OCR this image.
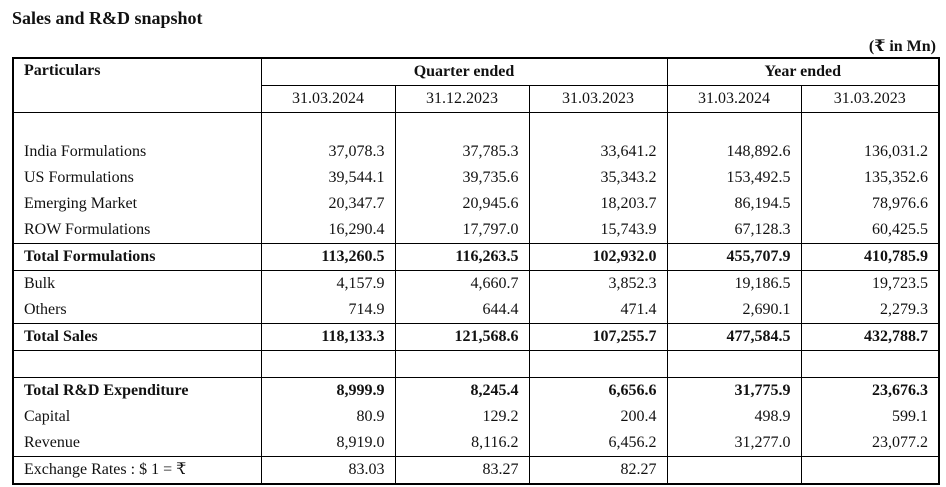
Sales and R&D snapshot
(₹ in Mn)
Particulars	Quarter ended			Year ended	
	31.03.2024	31.12.2023	31.03.2023	31.03.2024	31.03.2023

India Formulations	37,078.3	37,785.3	33,641.2	148,892.6	136,031.2
US Formulations	39,544.1	39,735.6	35,343.2	153,492.5	135,352.6
Emerging Market	20,347.7	20,945.6	18,203.7	86,194.5	78,976.6
ROW Formulations	16,290.4	17,797.0	15,743.9	67,128.3	60,425.5
Total Formulations	113,260.5	116,263.5	102,932.0	455,707.9	410,785.9
Bulk	4,157.9	4,660.7	3,852.3	19,186.5	19,723.5
Others	714.9	644.4	471.4	2,690.1	2,279.3
Total Sales	118,133.3	121,568.6	107,255.7	477,584.5	432,788.7

Total R&D Expenditure	8,999.9	8,245.4	6,656.6	31,775.9	23,676.3
Capital	80.9	129.2	200.4	498.9	599.1
Revenue	8,919.0	8,116.2	6,456.2	31,277.0	23,077.2
Exchange Rates : $ 1 = ₹	83.03	83.27	82.27		
